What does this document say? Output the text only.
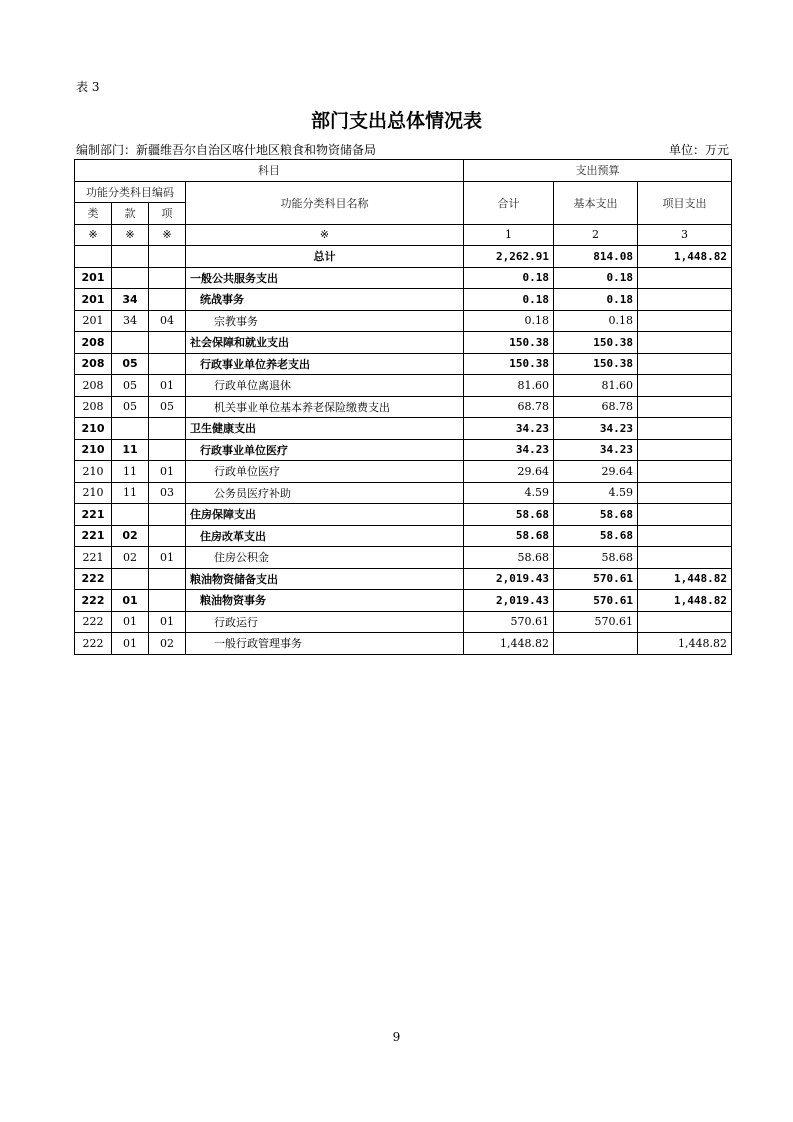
表 3
部门支出总体情况表
编制部门：新疆维吾尔自治区喀什地区粮食和物资储备局	单位：万元
科目				支出预算		
功能分类科目编码			功能分类科目名称	合计	基本支出	项目支出
类	款	项				
※	※	※	※	1	2	3
			总计	2,262.91	814.08	1,448.82
201			一般公共服务支出	0.18	0.18	
201	34		统战事务	0.18	0.18	
201	34	04	宗教事务	0.18	0.18	
208			社会保障和就业支出	150.38	150.38	
208	05		行政事业单位养老支出	150.38	150.38	
208	05	01	行政单位离退休	81.60	81.60	
208	05	05	机关事业单位基本养老保险缴费支出	68.78	68.78	
210			卫生健康支出	34.23	34.23	
210	11		行政事业单位医疗	34.23	34.23	
210	11	01	行政单位医疗	29.64	29.64	
210	11	03	公务员医疗补助	4.59	4.59	
221			住房保障支出	58.68	58.68	
221	02		住房改革支出	58.68	58.68	
221	02	01	住房公积金	58.68	58.68	
222			粮油物资储备支出	2,019.43	570.61	1,448.82
222	01		粮油物资事务	2,019.43	570.61	1,448.82
222	01	01	行政运行	570.61	570.61	
222	01	02	一般行政管理事务	1,448.82		1,448.82
9
